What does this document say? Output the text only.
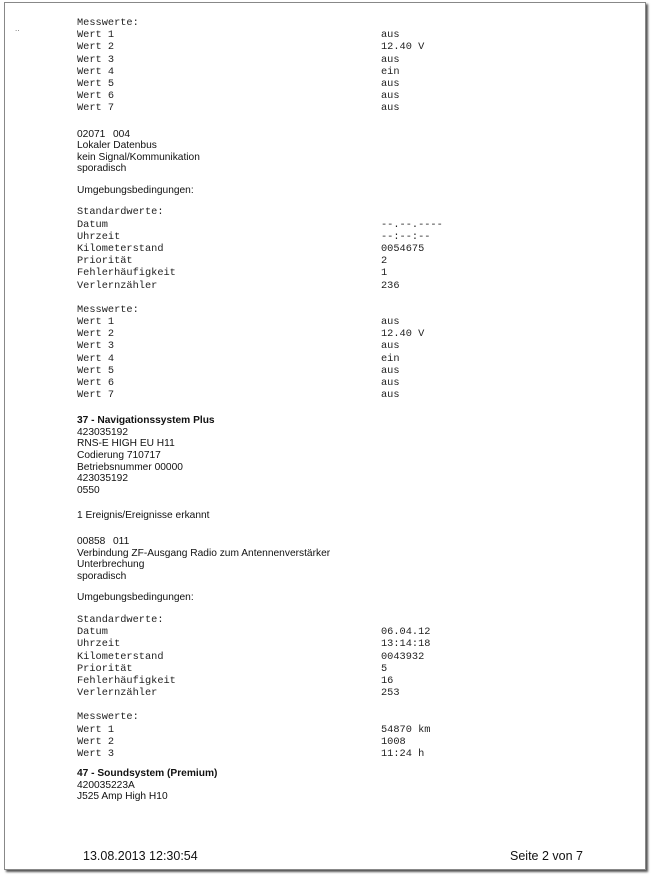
..	Messwerte:
Wert 1	aus
Wert 2	12.40 V
Wert 3	aus
Wert 4	ein
Wert 5	aus
Wert 6	aus
Wert 7	aus
02071 004
Lokaler Datenbus
kein Signal/Kommunikation
sporadisch
Umgebungsbedingungen:
Standardwerte:
Datum	--.--.----
Uhrzeit	--:--:--
Kilometerstand	0054675
Priorität	2
Fehlerhäufigkeit	1
Verlernzähler	236
Messwerte:
Wert 1	aus
Wert 2	12.40 V
Wert 3	aus
Wert 4	ein
Wert 5	aus
Wert 6	aus
Wert 7	aus
37 - Navigationssystem Plus
423035192
RNS-E HIGH EU H11
Codierung 710717
Betriebsnummer 00000
423035192
0550
1 Ereignis/Ereignisse erkannt
00858 011
Verbindung ZF-Ausgang Radio zum Antennenverstärker
Unterbrechung
sporadisch
Umgebungsbedingungen:
Standardwerte:
Datum	06.04.12
Uhrzeit	13:14:18
Kilometerstand	0043932
Priorität	5
Fehlerhäufigkeit	16
Verlernzähler	253
Messwerte:
Wert 1	54870 km
Wert 2	1008
Wert 3	11:24 h
47 - Soundsystem (Premium)
420035223A
J525 Amp High H10
13.08.2013 12:30:54	Seite 2 von 7
